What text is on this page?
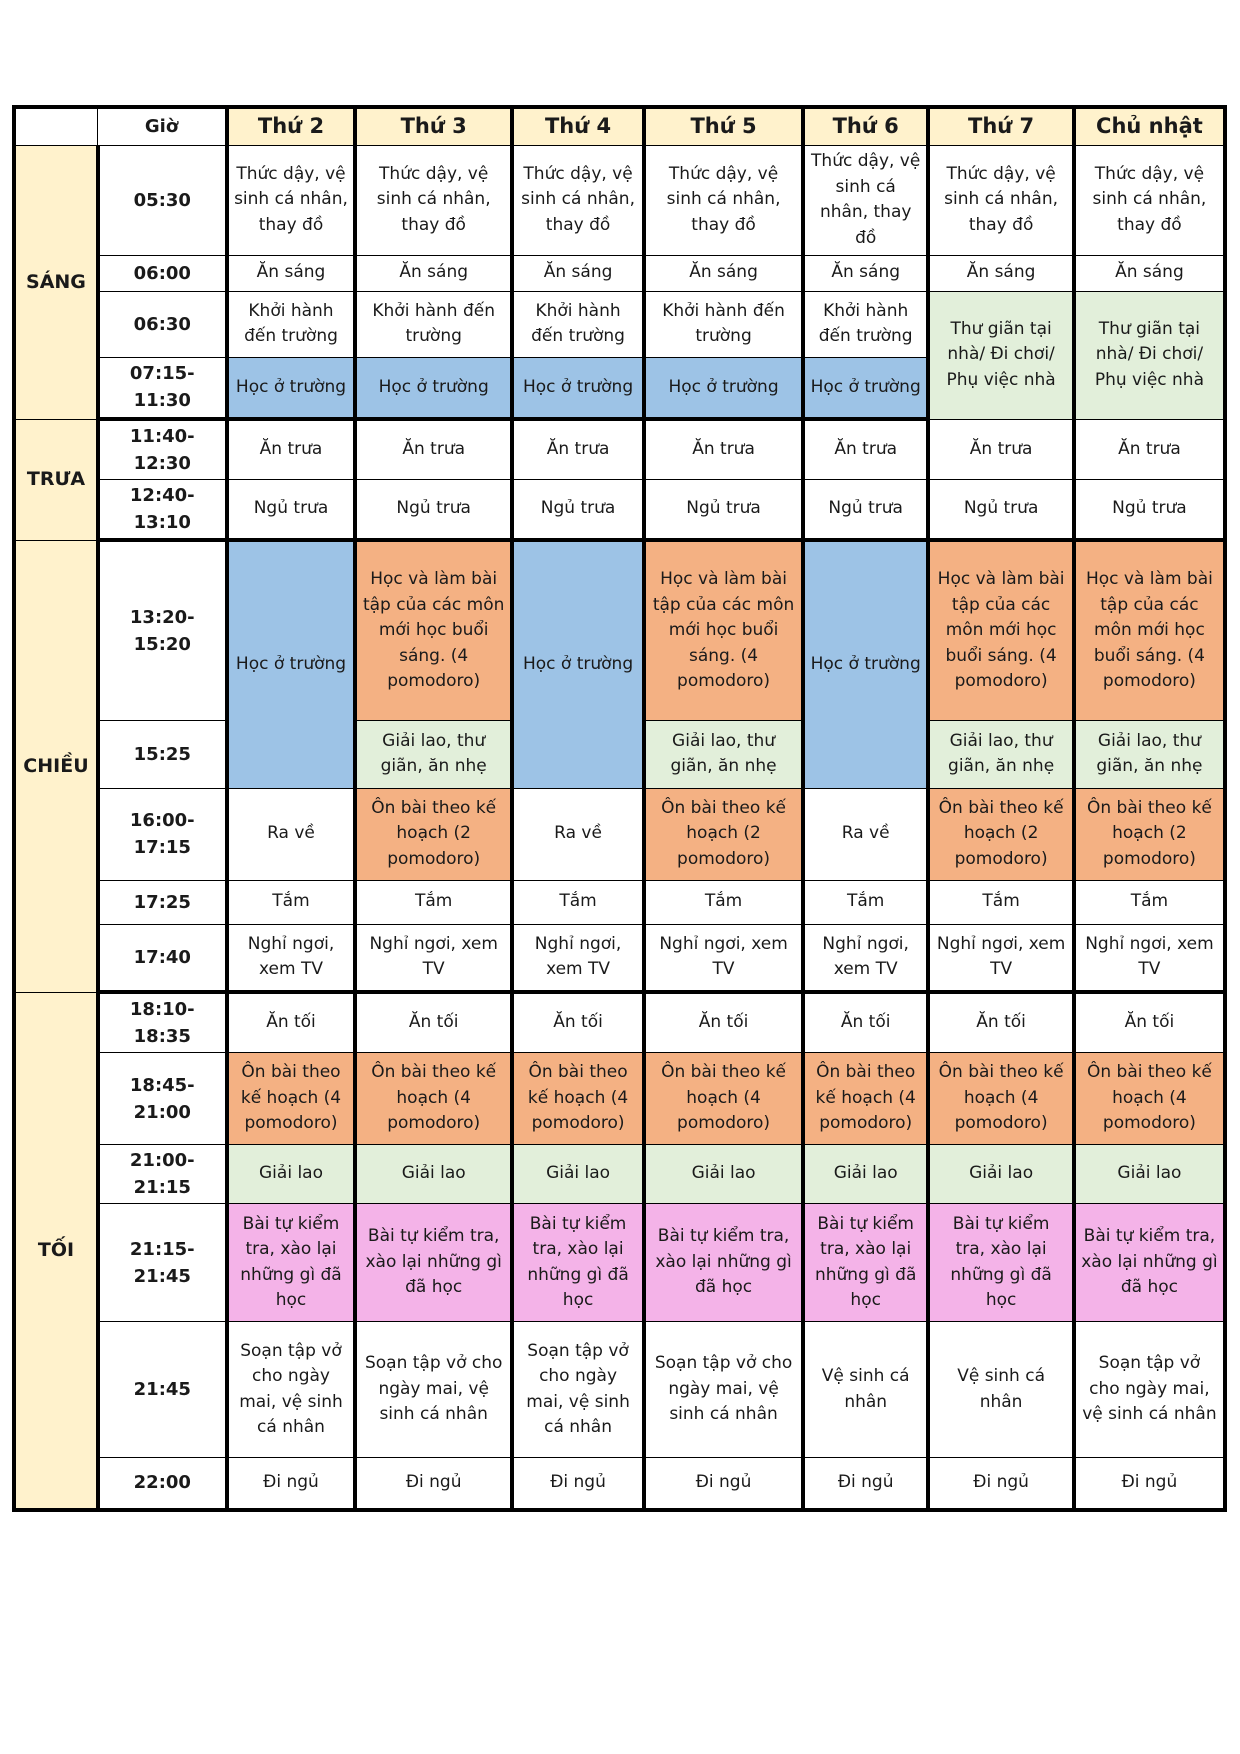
	Giờ	Thứ 2	Thứ 3	Thứ 4	Thứ 5	Thứ 6	Thứ 7	Chủ nhật
SÁNG	05:30	Thức dậy, vệ sinh cá nhân, thay đồ	Thức dậy, vệ sinh cá nhân, thay đồ	Thức dậy, vệ sinh cá nhân, thay đồ	Thức dậy, vệ sinh cá nhân, thay đồ	Thức dậy, vệ sinh cá nhân, thay đồ	Thức dậy, vệ sinh cá nhân, thay đồ	Thức dậy, vệ sinh cá nhân, thay đồ
	06:00	Ăn sáng	Ăn sáng	Ăn sáng	Ăn sáng	Ăn sáng	Ăn sáng	Ăn sáng
	06:30	Khởi hành đến trường	Khởi hành đến trường	Khởi hành đến trường	Khởi hành đến trường	Khởi hành đến trường	Thư giãn tại nhà/ Đi chơi/ Phụ việc nhà	Thư giãn tại nhà/ Đi chơi/ Phụ việc nhà
	07:15-11:30	Học ở trường	Học ở trường	Học ở trường	Học ở trường	Học ở trường		
TRƯA	11:40-12:30	Ăn trưa	Ăn trưa	Ăn trưa	Ăn trưa	Ăn trưa	Ăn trưa	Ăn trưa
	12:40-13:10	Ngủ trưa	Ngủ trưa	Ngủ trưa	Ngủ trưa	Ngủ trưa	Ngủ trưa	Ngủ trưa
CHIỀU	13:20-15:20	Học ở trường	Học và làm bài tập của các môn mới học buổi sáng. (4 pomodoro)	Học ở trường	Học và làm bài tập của các môn mới học buổi sáng. (4 pomodoro)	Học ở trường	Học và làm bài tập của các môn mới học buổi sáng. (4 pomodoro)	Học và làm bài tập của các môn mới học buổi sáng. (4 pomodoro)
	15:25		Giải lao, thư giãn, ăn nhẹ		Giải lao, thư giãn, ăn nhẹ		Giải lao, thư giãn, ăn nhẹ	Giải lao, thư giãn, ăn nhẹ
	16:00-17:15	Ra về	Ôn bài theo kế hoạch (2 pomodoro)	Ra về	Ôn bài theo kế hoạch (2 pomodoro)	Ra về	Ôn bài theo kế hoạch (2 pomodoro)	Ôn bài theo kế hoạch (2 pomodoro)
	17:25	Tắm	Tắm	Tắm	Tắm	Tắm	Tắm	Tắm
	17:40	Nghỉ ngơi, xem TV	Nghỉ ngơi, xem TV	Nghỉ ngơi, xem TV	Nghỉ ngơi, xem TV	Nghỉ ngơi, xem TV	Nghỉ ngơi, xem TV	Nghỉ ngơi, xem TV
TỐI	18:10-18:35	Ăn tối	Ăn tối	Ăn tối	Ăn tối	Ăn tối	Ăn tối	Ăn tối
	18:45-21:00	Ôn bài theo kế hoạch (4 pomodoro)	Ôn bài theo kế hoạch (4 pomodoro)	Ôn bài theo kế hoạch (4 pomodoro)	Ôn bài theo kế hoạch (4 pomodoro)	Ôn bài theo kế hoạch (4 pomodoro)	Ôn bài theo kế hoạch (4 pomodoro)	Ôn bài theo kế hoạch (4 pomodoro)
	21:00-21:15	Giải lao	Giải lao	Giải lao	Giải lao	Giải lao	Giải lao	Giải lao
	21:15-21:45	Bài tự kiểm tra, xào lại những gì đã học	Bài tự kiểm tra, xào lại những gì đã học	Bài tự kiểm tra, xào lại những gì đã học	Bài tự kiểm tra, xào lại những gì đã học	Bài tự kiểm tra, xào lại những gì đã học	Bài tự kiểm tra, xào lại những gì đã học	Bài tự kiểm tra, xào lại những gì đã học
	21:45	Soạn tập vở cho ngày mai, vệ sinh cá nhân	Soạn tập vở cho ngày mai, vệ sinh cá nhân	Soạn tập vở cho ngày mai, vệ sinh cá nhân	Soạn tập vở cho ngày mai, vệ sinh cá nhân	Vệ sinh cá nhân	Vệ sinh cá nhân	Soạn tập vở cho ngày mai, vệ sinh cá nhân
	22:00	Đi ngủ	Đi ngủ	Đi ngủ	Đi ngủ	Đi ngủ	Đi ngủ	Đi ngủ
